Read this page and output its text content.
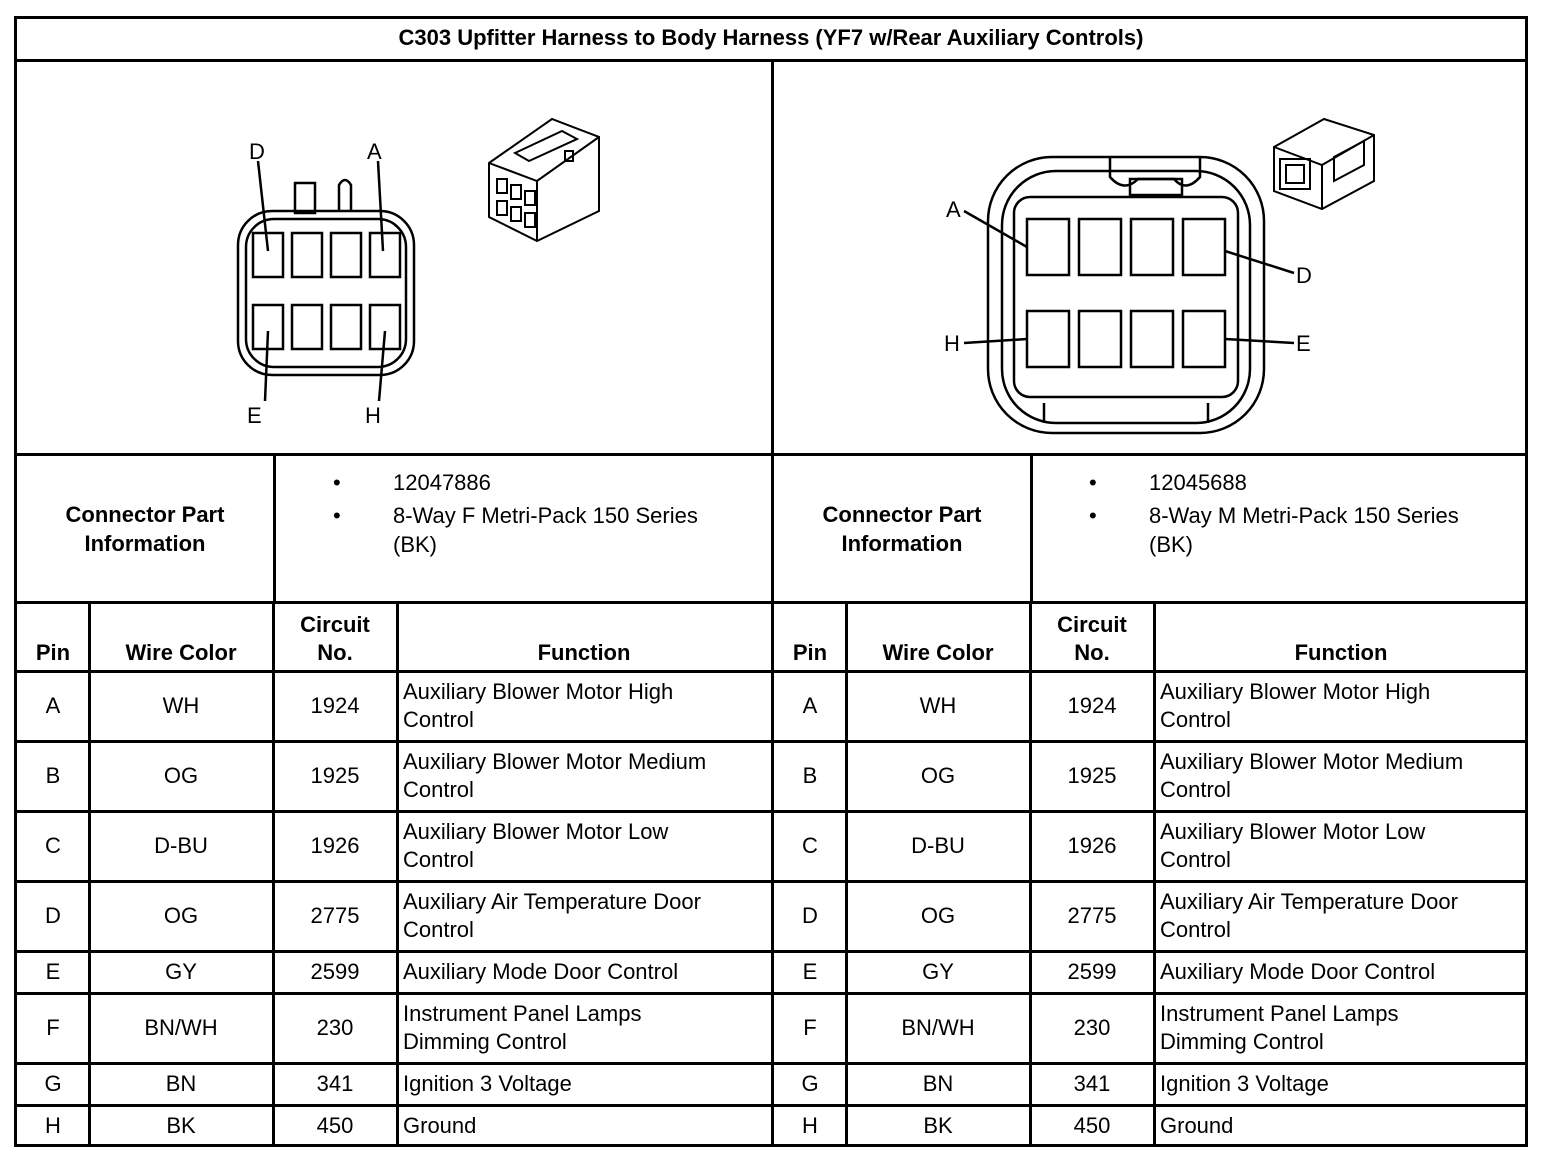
C303 Upfitter Harness to Body Harness (YF7 w/Rear Auxiliary Controls)
D	A
E	H
A
D
H	E
Connector Part
Information
•	12047886
•	8-Way F Metri-Pack 150 Series
(BK)
Connector Part
Information
•	12045688
•	8-Way M Metri-Pack 150 Series
(BK)
Pin	Wire Color
Circuit
No.	Function
A	WH	1924
Auxiliary Blower Motor High
Control
B	OG	1925
Auxiliary Blower Motor Medium
Control
C	D-BU	1926
Auxiliary Blower Motor Low
Control
D	OG	2775
Auxiliary Air Temperature Door
Control
E	GY	2599	Auxiliary Mode Door Control
F	BN/WH	230
Instrument Panel Lamps
Dimming Control
G	BN	341	Ignition 3 Voltage
H	BK	450	Ground
Pin	Wire Color
Circuit
No.	Function
A	WH	1924
Auxiliary Blower Motor High
Control
B	OG	1925
Auxiliary Blower Motor Medium
Control
C	D-BU	1926
Auxiliary Blower Motor Low
Control
D	OG	2775
Auxiliary Air Temperature Door
Control
E	GY	2599	Auxiliary Mode Door Control
F	BN/WH	230
Instrument Panel Lamps
Dimming Control
G	BN	341	Ignition 3 Voltage
H	BK	450	Ground
